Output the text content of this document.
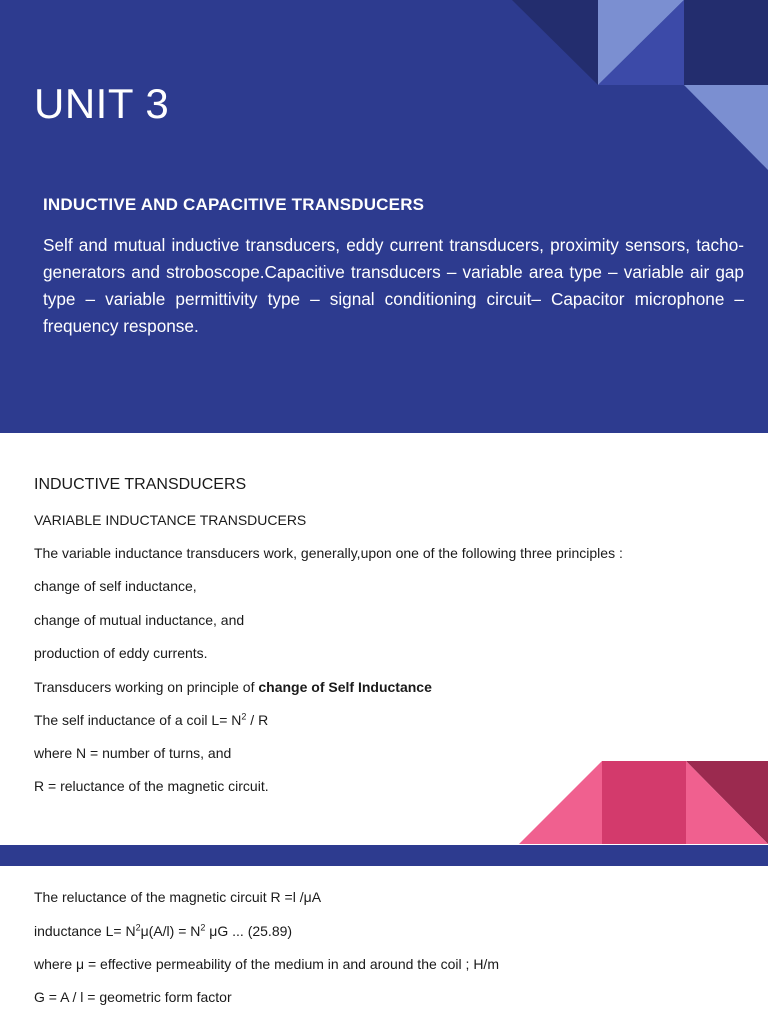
UNIT 3
INDUCTIVE AND CAPACITIVE TRANSDUCERS

Self and mutual inductive transducers, eddy current transducers, proximity sensors, tacho-generators and stroboscope.Capacitive transducers – variable area type – variable air gap type – variable permittivity type – signal conditioning circuit– Capacitor microphone – frequency response.

INDUCTIVE TRANSDUCERS

VARIABLE INDUCTANCE TRANSDUCERS

The variable inductance transducers work, generally,upon one of the following three principles :

change of self inductance,

change of mutual inductance, and

production of eddy currents.

Transducers working on principle of change of Self Inductance

The self inductance of a coil $L= N^2 / R$

where N = number of turns, and

R = reluctance of the magnetic circuit.

The reluctance of the magnetic circuit R =l /μA

inductance $L= N^2\mu(A/l) = N^2$ μG ... (25.89)

where μ = effective permeability of the medium in and around the coil ; H/m

G = A / l = geometric form factor
